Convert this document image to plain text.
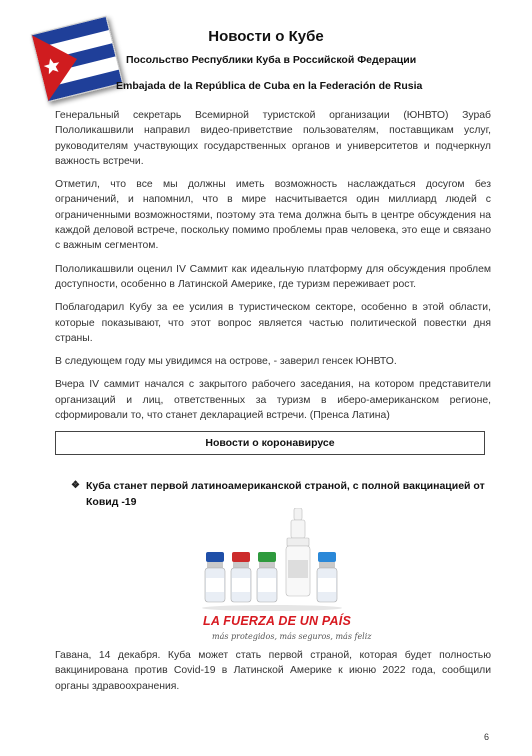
Новости о Кубе
Посольство Республики Куба в Российской Федерации
Embajada de la República de Cuba en la Federación de Rusia

Генеральный секретарь Всемирной туристской организации (ЮНВТО) Зураб Пололикашвили направил видео-приветствие пользователям, поставщикам услуг, руководителям участвующих государственных органов и университетов и подчеркнул важность встречи.

Отметил, что все мы должны иметь возможность наслаждаться досугом без ограничений, и напомнил, что в мире насчитывается один миллиард людей с ограниченными возможностями, поэтому эта тема должна быть в центре обсуждения на каждой деловой встрече, поскольку помимо проблемы прав человека, это еще и связано с важным сегментом.

Пололикашвили оценил IV Саммит как идеальную платформу для обсуждения проблем доступности, особенно в Латинской Америке, где туризм переживает рост.

Поблагодарил Кубу за ее усилия в туристическом секторе, особенно в этой области, которые показывают, что этот вопрос является частью политической повестки дня страны.

В следующем году мы увидимся на острове, - заверил генсек ЮНВТО.

Вчера IV саммит начался с закрытого рабочего заседания, на котором представители организаций и лиц, ответственных за туризм в иберо-американском регионе, сформировали то, что станет декларацией встречи. (Пренса Латина)

Новости о коронавирусе
❖ Куба станет первой латиноамериканской страной, с полной вакцинацией от Ковид -19
LA FUERZA DE UN PAÍS
más protegidos, más seguros, más feliz
Гавана, 14 декабря. Куба может стать первой страной, которая будет полностью вакцинирована против Covid-19 в Латинской Америке к июню 2022 года, сообщили органы здравоохранения.
6
